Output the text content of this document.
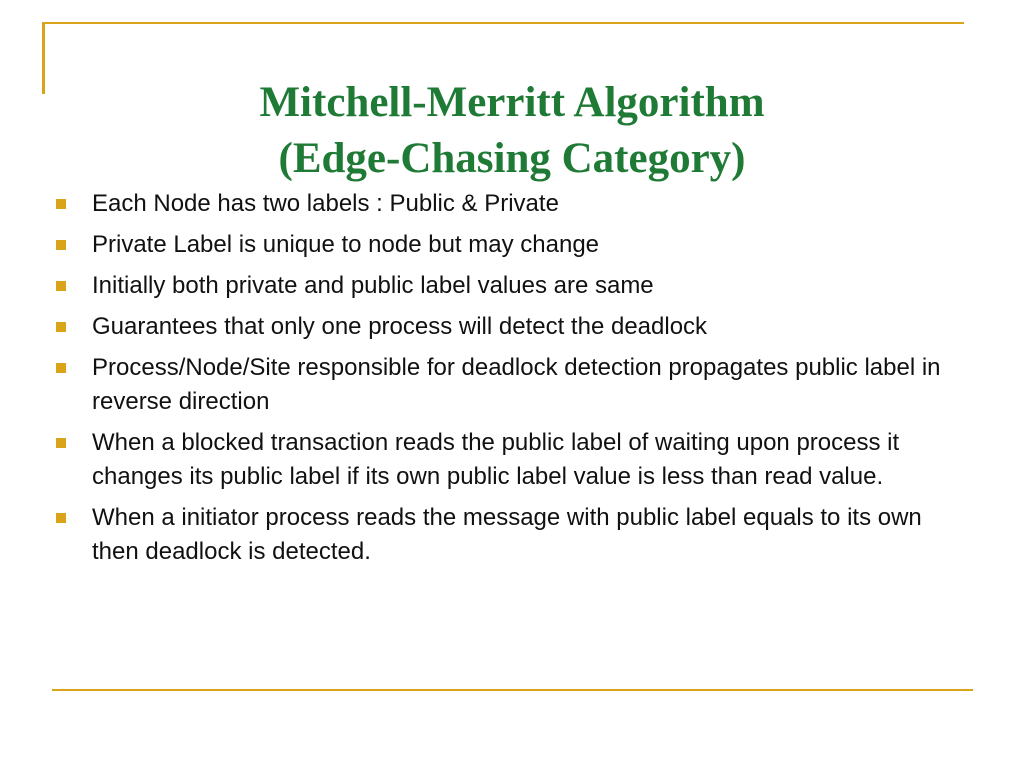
Mitchell-Merritt Algorithm
(Edge-Chasing Category)
Each Node has two labels : Public & Private
Private Label is unique to node but may change
Initially both private and public label values are same
Guarantees that only one process will detect the deadlock
Process/Node/Site responsible for deadlock detection propagates public label in reverse direction
When a blocked transaction reads the public label of waiting upon process it changes its public label if its own public label value is less than read value.
When a initiator process reads the message with public label equals to its own then deadlock is detected.
